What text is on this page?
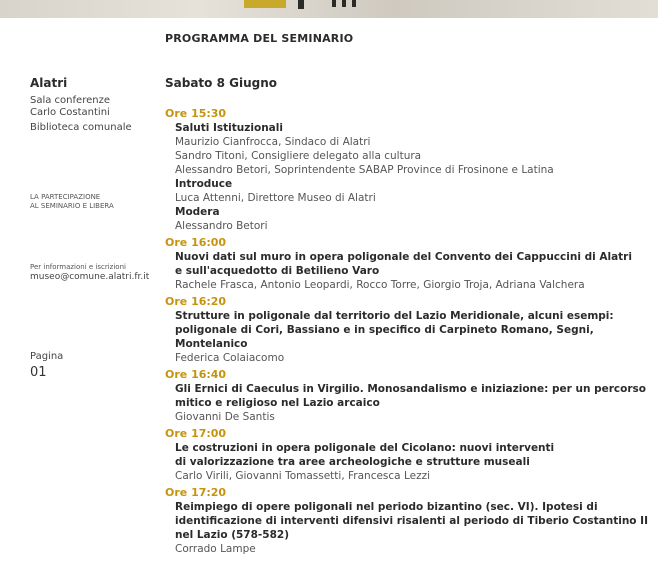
PROGRAMMA DEL SEMINARIO
Alatri
Sala conferenze
Carlo Costantini
Biblioteca comunale
LA PARTECIPAZIONE
AL SEMINARIO E LIBERA
Per informazioni e iscrizioni
museo@comune.alatri.fr.it
Pagina
01
Sabato 8 Giugno
Ore 15:30
Saluti Istituzionali
Maurizio Cianfrocca, Sindaco di Alatri
Sandro Titoni, Consigliere delegato alla cultura
Alessandro Betori, Soprintendente SABAP Province di Frosinone e Latina
Introduce
Luca Attenni, Direttore Museo di Alatri
Modera
Alessandro Betori
Ore 16:00
Nuovi dati sul muro in opera poligonale del Convento dei Cappuccini di Alatri
e sull'acquedotto di Betilieno Varo
Rachele Frasca, Antonio Leopardi, Rocco Torre, Giorgio Troja, Adriana Valchera
Ore 16:20
Strutture in poligonale dal territorio del Lazio Meridionale, alcuni esempi:
poligonale di Cori, Bassiano e in specifico di Carpineto Romano, Segni,
Montelanico
Federica Colaiacomo
Ore 16:40
Gli Ernici di Caeculus in Virgilio. Monosandalismo e iniziazione: per un percorso
mitico e religioso nel Lazio arcaico
Giovanni De Santis
Ore 17:00
Le costruzioni in opera poligonale del Cicolano: nuovi interventi
di valorizzazione tra aree archeologiche e strutture museali
Carlo Virili, Giovanni Tomassetti, Francesca Lezzi
Ore 17:20
Reimpiego di opere poligonali nel periodo bizantino (sec. VI). Ipotesi di
identificazione di interventi difensivi risalenti al periodo di Tiberio Costantino II
nel Lazio (578-582)
Corrado Lampe
